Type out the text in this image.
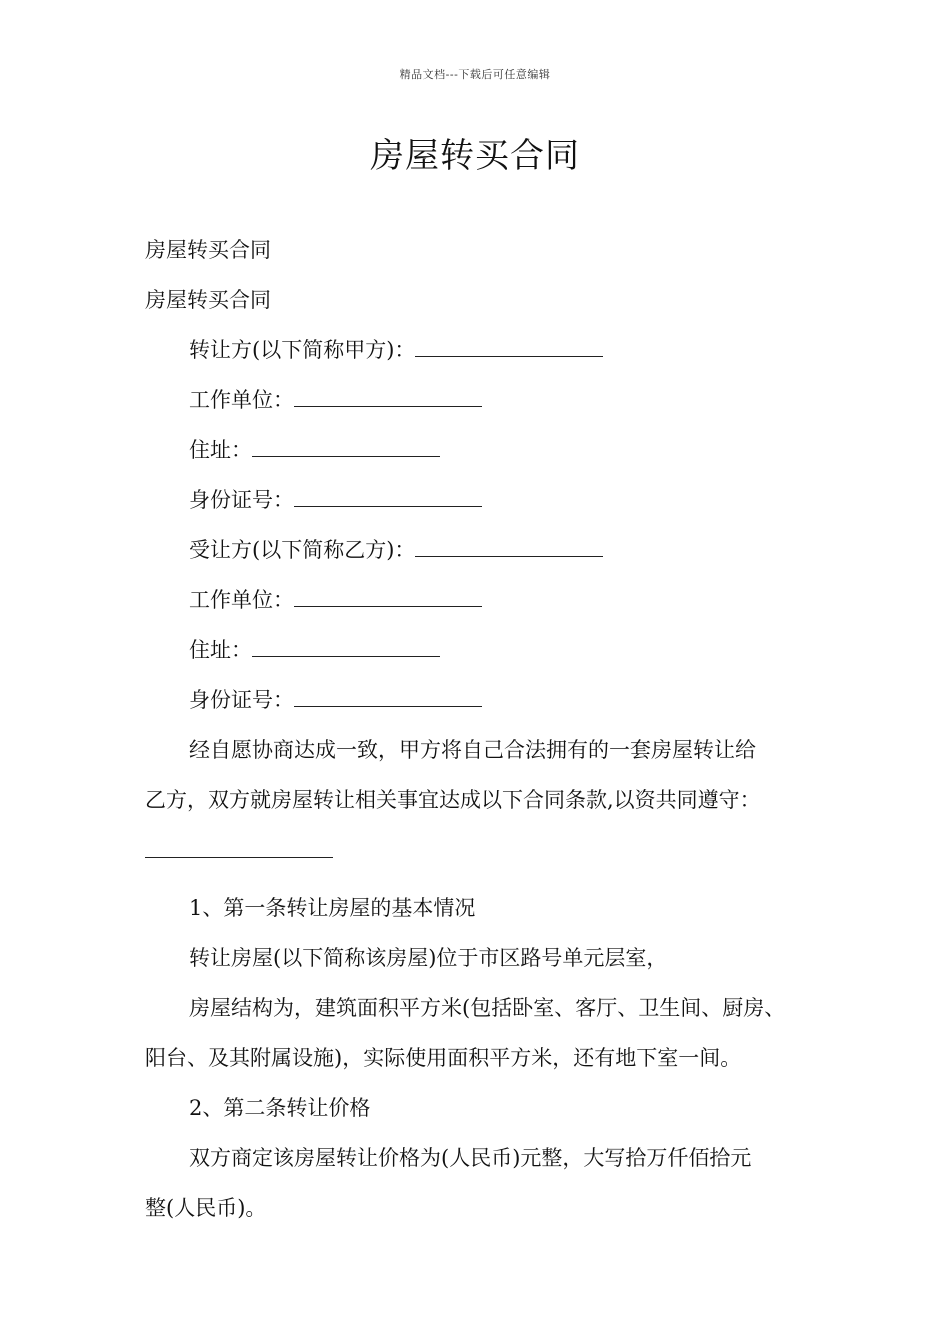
精品文档---下载后可任意编辑
房屋转买合同
房屋转买合同
房屋转买合同
转让方(以下简称甲方)：
工作单位：
住址：
身份证号：
受让方(以下简称乙方)：
工作单位：
住址：
身份证号：
经自愿协商达成一致，甲方将自己合法拥有的一套房屋转让给
乙方，双方就房屋转让相关事宜达成以下合同条款,以资共同遵守：
1、第一条转让房屋的基本情况
转让房屋(以下简称该房屋)位于市区路号单元层室，
房屋结构为，建筑面积平方米(包括卧室、客厅、卫生间、厨房、
阳台、及其附属设施)，实际使用面积平方米，还有地下室一间。
2、第二条转让价格
双方商定该房屋转让价格为(人民币)元整，大写拾万仟佰拾元
整(人民币)。
